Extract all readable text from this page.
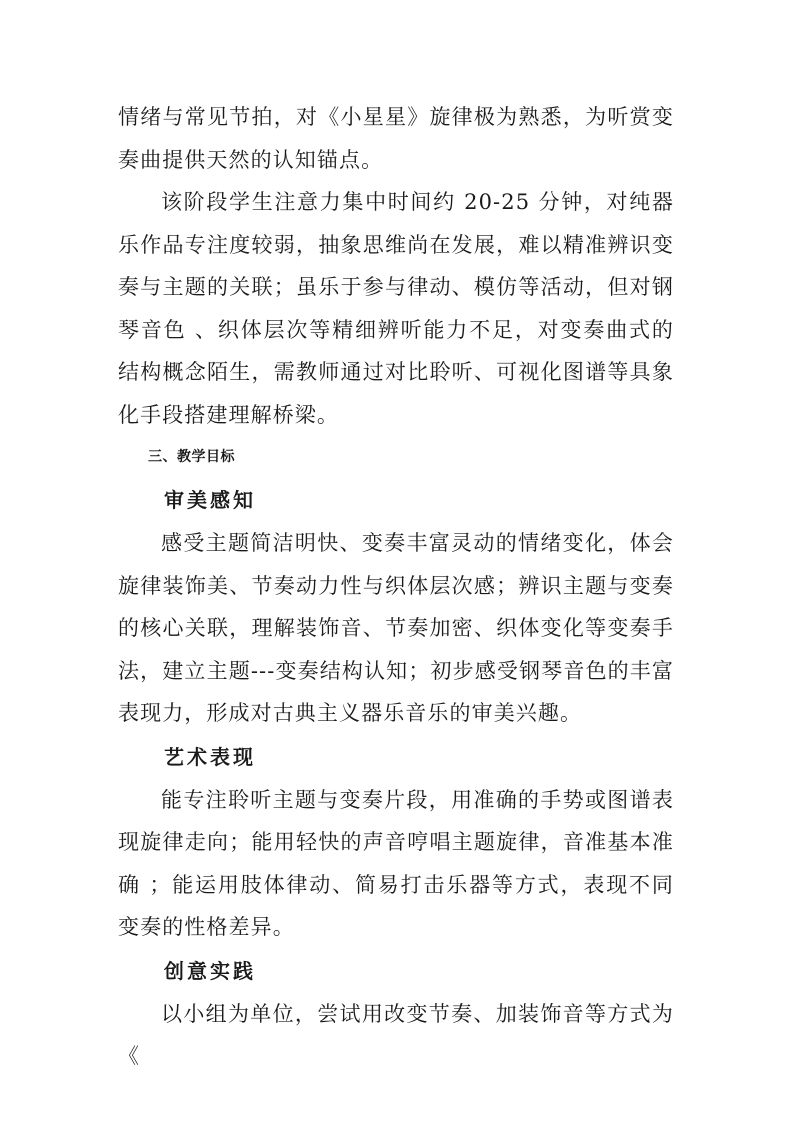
情绪与常见节拍，对《小星星》旋律极为熟悉，为听赏变奏曲提供天然的认知锚点。

该阶段学生注意力集中时间约 20-25 分钟，对纯器乐作品专注度较弱，抽象思维尚在发展，难以精准辨识变奏与主题的关联；虽乐于参与律动、模仿等活动，但对钢琴音色 、织体层次等精细辨听能力不足，对变奏曲式的结构概念陌生，需教师通过对比聆听、可视化图谱等具象化手段搭建理解桥梁。

三、教学目标
审美感知

感受主题简洁明快、变奏丰富灵动的情绪变化，体会旋律装饰美、节奏动力性与织体层次感；辨识主题与变奏的核心关联，理解装饰音、节奏加密、织体变化等变奏手法，建立主题---变奏结构认知；初步感受钢琴音色的丰富表现力，形成对古典主义器乐音乐的审美兴趣。

艺术表现

能专注聆听主题与变奏片段，用准确的手势或图谱表现旋律走向；能用轻快的声音哼唱主题旋律，音准基本准确 ；能运用肢体律动、简易打击乐器等方式，表现不同变奏的性格差异。

创意实践

以小组为单位，尝试用改变节奏、加装饰音等方式为《
